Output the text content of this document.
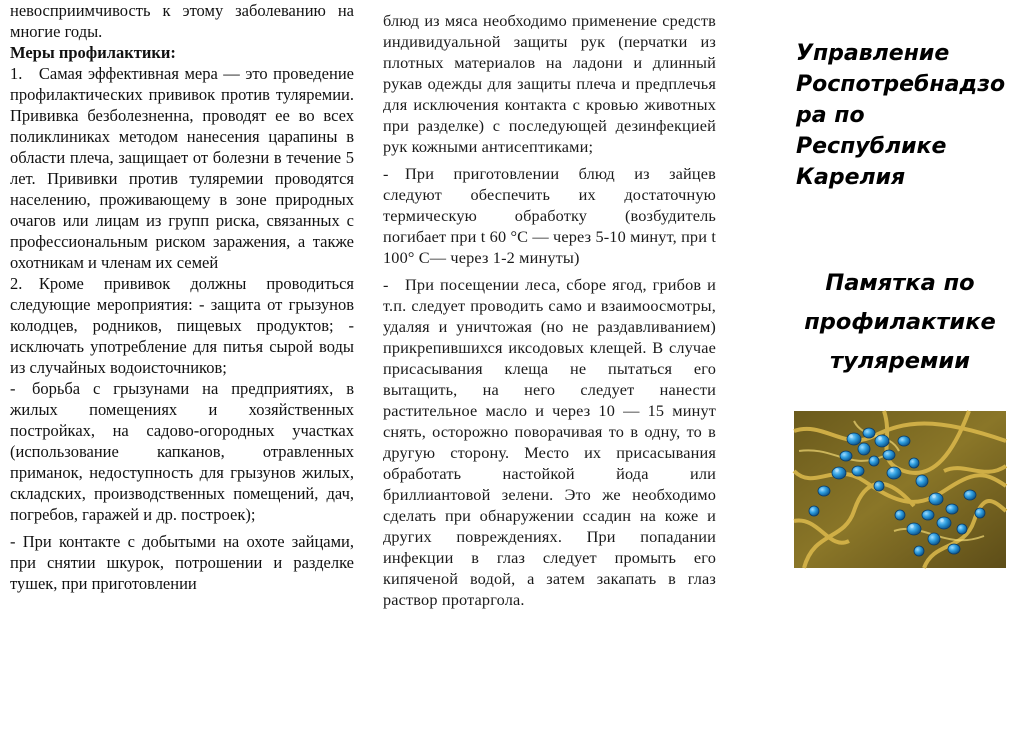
невосприимчивость к этому заболеванию на многие годы.

Меры профилактики:

1. Самая эффективная мера — это проведение профилактических прививок против туляремии. Прививка безболезненна, проводят ее во всех поликлиниках методом нанесения царапины в области плеча, защищает от болезни в течение 5 лет. Прививки против туляремии проводятся населению, проживающему в зоне природных очагов или лицам из групп риска, связанных с профессиональным риском заражения, а также охотникам и членам их семей

2. Кроме прививок должны проводиться следующие мероприятия: - защита от грызунов колодцев, родников, пищевых продуктов; - исключать употребление для питья сырой воды из случайных водоисточников;

- борьба с грызунами на предприятиях, в жилых помещениях и хозяйственных постройках, на садово-огородных участках (использование капканов, отравленных приманок, недоступность для грызунов жилых, складских, производственных помещений, дач, погребов, гаражей и др. построек);

- При контакте с добытыми на охоте зайцами, при снятии шкурок, потрошении и разделке тушек, при приготовлении

блюд из мяса необходимо применение средств индивидуальной защиты рук (перчатки из плотных материалов на ладони и длинный рукав одежды для защиты плеча и предплечья для исключения контакта с кровью животных при разделке) с последующей дезинфекцией рук кожными антисептиками;

- При приготовлении блюд из зайцев следуют обеспечить их достаточную термическую обработку (возбудитель погибает при t 60 °С — через 5-10 минут, при t 100° С— через 1-2 минуты)

- При посещении леса, сборе ягод, грибов и т.п. следует проводить само и взаимоосмотры, удаляя и уничтожая (но не раздавливанием) прикрепившихся иксодовых клещей. В случае присасывания клеща не пытаться его вытащить, на него следует нанести растительное масло и через 10 — 15 минут снять, осторожно поворачивая то в одну, то в другую сторону. Место их присасывания обработать настойкой йода или бриллиантовой зелени. Это же необходимо сделать при обнаружении ссадин на коже и других повреждениях. При попадании инфекции в глаз следует промыть его кипяченой водой, а затем закапать в глаз раствор протаргола.

Управление

Роспотребнадзо

ра по Республике

Карелия

Памятка по
профилактике
туляремии
